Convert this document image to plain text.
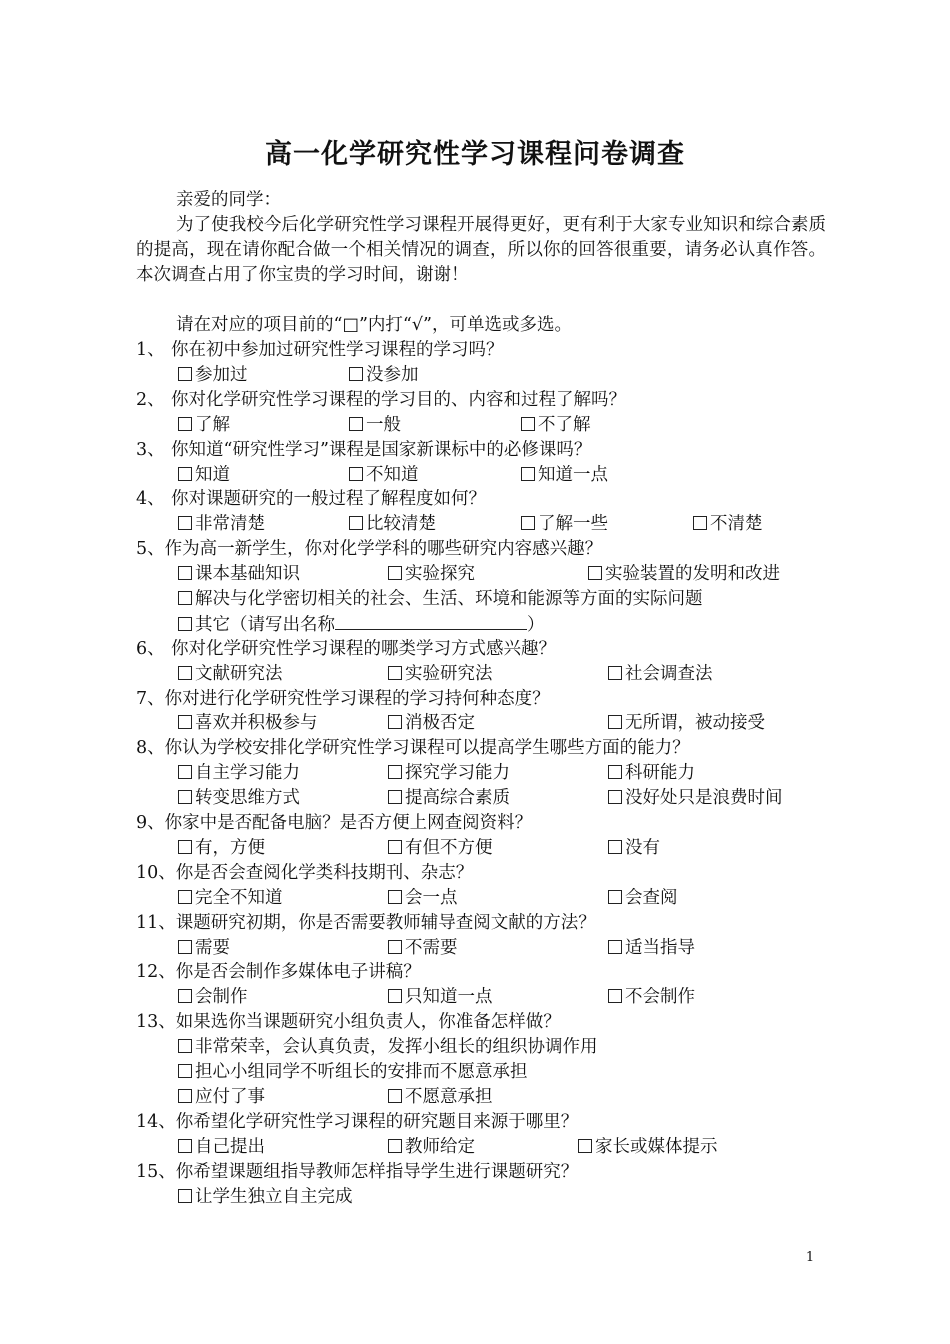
高一化学研究性学习课程问卷调查
亲爱的同学：
为了使我校今后化学研究性学习课程开展得更好，更有利于大家专业知识和综合素质的提高，现在请你配合做一个相关情况的调查，所以你的回答很重要，请务必认真作答。本次调查占用了你宝贵的学习时间，谢谢！
请在对应的项目前的“□”内打“√”，可单选或多选。
1、 你在初中参加过研究性学习课程的学习吗？
参加过	没参加
2、 你对化学研究性学习课程的学习目的、内容和过程了解吗？
了解	一般	不了解
3、 你知道“研究性学习”课程是国家新课标中的必修课吗？
知道	不知道	知道一点
4、 你对课题研究的一般过程了解程度如何？
非常清楚	比较清楚	了解一些	不清楚
5、作为高一新学生，你对化学学科的哪些研究内容感兴趣？
课本基础知识	实验探究	实验装置的发明和改进
解决与化学密切相关的社会、生活、环境和能源等方面的实际问题
其它（请写出名称	）
6、 你对化学研究性学习课程的哪类学习方式感兴趣？
文献研究法	实验研究法	社会调查法
7、你对进行化学研究性学习课程的学习持何种态度？
喜欢并积极参与	消极否定	无所谓，被动接受
8、你认为学校安排化学研究性学习课程可以提高学生哪些方面的能力？
自主学习能力	探究学习能力	科研能力
转变思维方式	提高综合素质	没好处只是浪费时间
9、你家中是否配备电脑？是否方便上网查阅资料？
有，方便	有但不方便	没有
10、你是否会查阅化学类科技期刊、杂志？
完全不知道	会一点	会查阅
11、课题研究初期，你是否需要教师辅导查阅文献的方法？
需要	不需要	适当指导
12、你是否会制作多媒体电子讲稿？
会制作	只知道一点	不会制作
13、如果选你当课题研究小组负责人，你准备怎样做？
非常荣幸，会认真负责，发挥小组长的组织协调作用
担心小组同学不听组长的安排而不愿意承担
应付了事	不愿意承担
14、你希望化学研究性学习课程的研究题目来源于哪里？
自己提出	教师给定	家长或媒体提示
15、你希望课题组指导教师怎样指导学生进行课题研究？
让学生独立自主完成
1
